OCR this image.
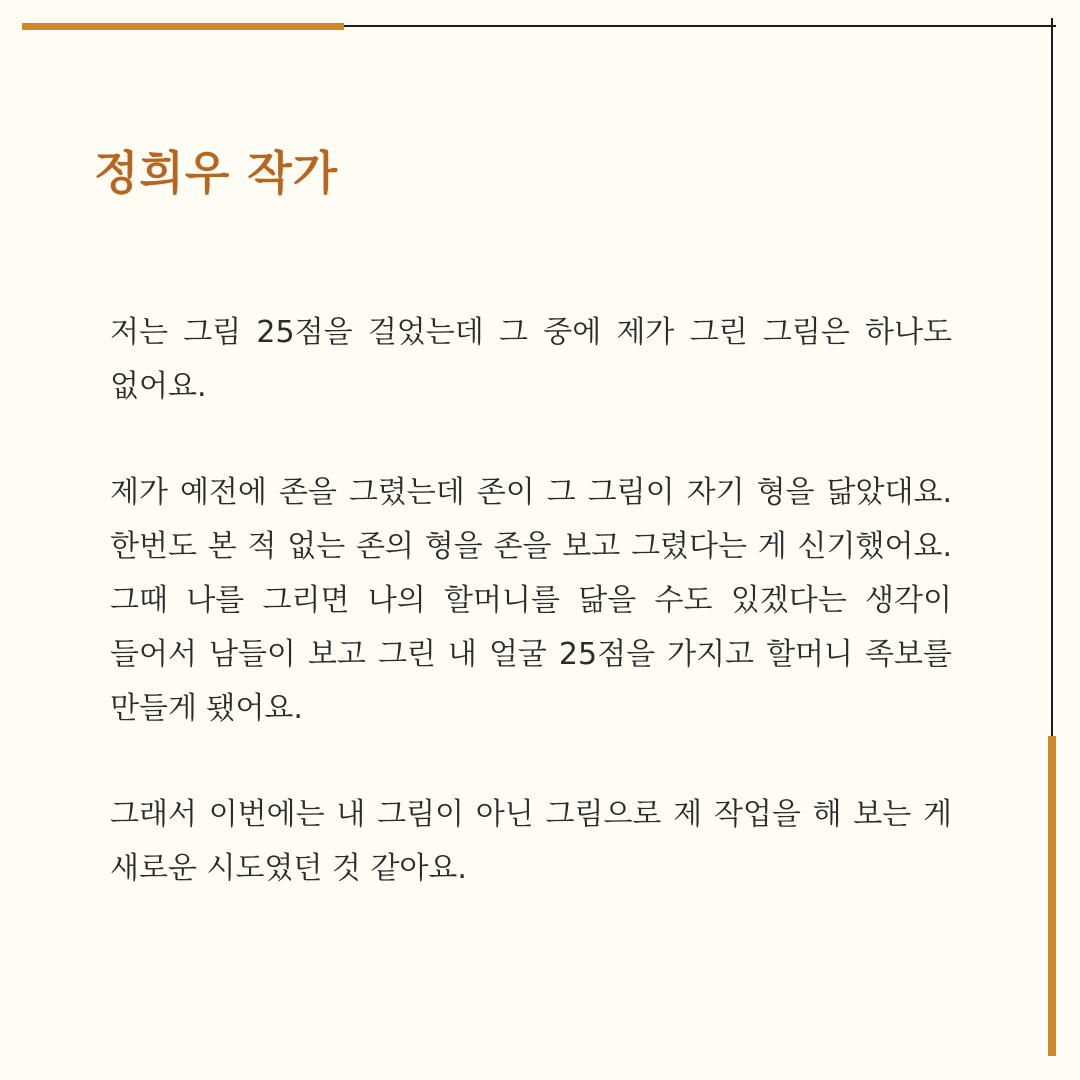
정희우 작가

저는 그림 25점을 걸었는데 그 중에 제가 그린 그림은 하나도 없어요.

제가 예전에 존을 그렸는데 존이 그 그림이 자기 형을 닮았대요. 한번도 본 적 없는 존의 형을 존을 보고 그렸다는 게 신기했어요. 그때 나를 그리면 나의 할머니를 닮을 수도 있겠다는 생각이 들어서 남들이 보고 그린 내 얼굴 25점을 가지고 할머니 족보를 만들게 됐어요.

그래서 이번에는 내 그림이 아닌 그림으로 제 작업을 해 보는 게 새로운 시도였던 것 같아요.
